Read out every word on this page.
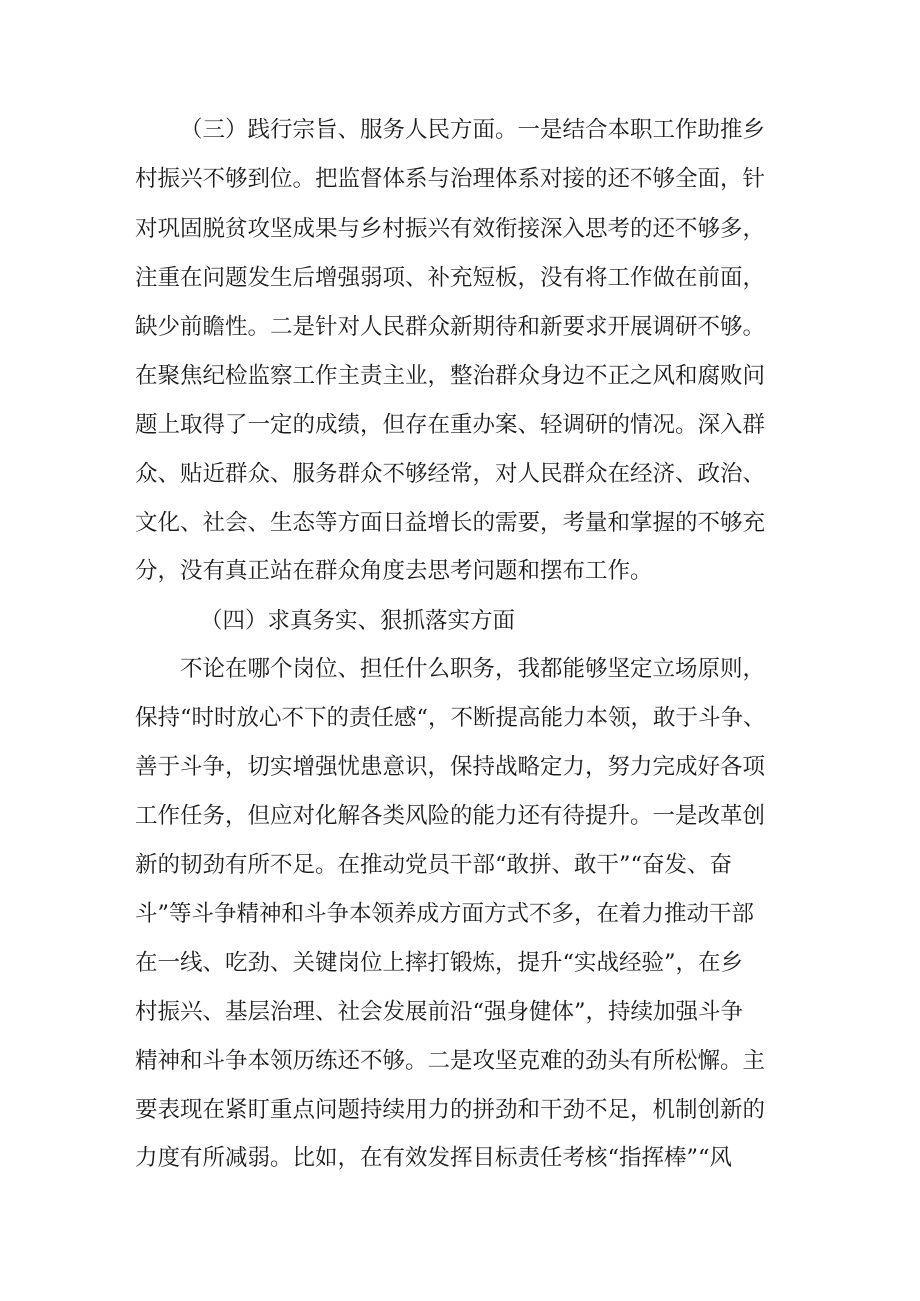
（三）践行宗旨、服务人民方面。一是结合本职工作助推乡
村振兴不够到位。把监督体系与治理体系对接的还不够全面，针
对巩固脱贫攻坚成果与乡村振兴有效衔接深入思考的还不够多，
注重在问题发生后增强弱项、补充短板，没有将工作做在前面，
缺少前瞻性。二是针对人民群众新期待和新要求开展调研不够。
在聚焦纪检监察工作主责主业，整治群众身边不正之风和腐败问
题上取得了一定的成绩，但存在重办案、轻调研的情况。深入群
众、贴近群众、服务群众不够经常，对人民群众在经济、政治、
文化、社会、生态等方面日益增长的需要，考量和掌握的不够充
分，没有真正站在群众角度去思考问题和摆布工作。
（四）求真务实、狠抓落实方面
不论在哪个岗位、担任什么职务，我都能够坚定立场原则，
保持“时时放心不下的责任感“，不断提高能力本领，敢于斗争、
善于斗争，切实增强忧患意识，保持战略定力，努力完成好各项
工作任务，但应对化解各类风险的能力还有待提升。一是改革创
新的韧劲有所不足。在推动党员干部“敢拼、敢干”“奋发、奋
斗”等斗争精神和斗争本领养成方面方式不多，在着力推动干部
在一线、吃劲、关键岗位上摔打锻炼，提升“实战经验”，在乡
村振兴、基层治理、社会发展前沿“强身健体”，持续加强斗争
精神和斗争本领历练还不够。二是攻坚克难的劲头有所松懈。主
要表现在紧盯重点问题持续用力的拼劲和干劲不足，机制创新的
力度有所减弱。比如，在有效发挥目标责任考核“指挥棒”“风
